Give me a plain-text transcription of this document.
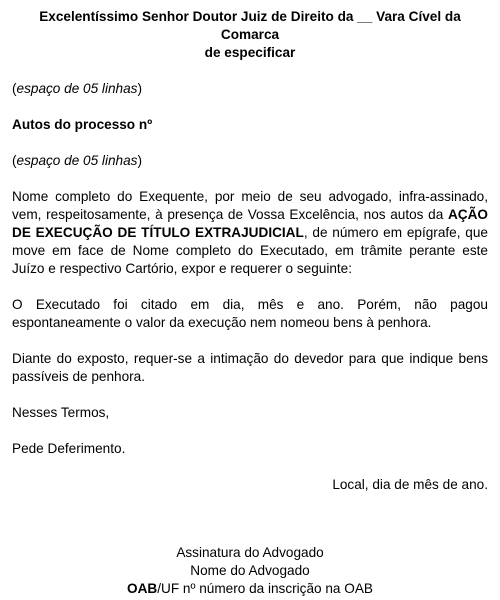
Excelentíssimo Senhor Doutor Juiz de Direito da __ Vara Cível da Comarca
de especificar

(espaço de 05 linhas)

Autos do processo nº

(espaço de 05 linhas)

Nome completo do Exequente, por meio de seu advogado, infra-assinado, vem, respeitosamente, à presença de Vossa Excelência, nos autos da AÇÃO DE EXECUÇÃO DE TÍTULO EXTRAJUDICIAL, de número em epígrafe, que move em face de Nome completo do Executado, em trâmite perante este Juízo e respectivo Cartório, expor e requerer o seguinte:

O Executado foi citado em dia, mês e ano. Porém, não pagou espontaneamente o valor da execução nem nomeou bens à penhora.

Diante do exposto, requer-se a intimação do devedor para que indique bens passíveis de penhora.

Nesses Termos,

Pede Deferimento.

Local, dia de mês de ano.

Assinatura do Advogado

Nome do Advogado

OAB/UF nº número da inscrição na OAB
